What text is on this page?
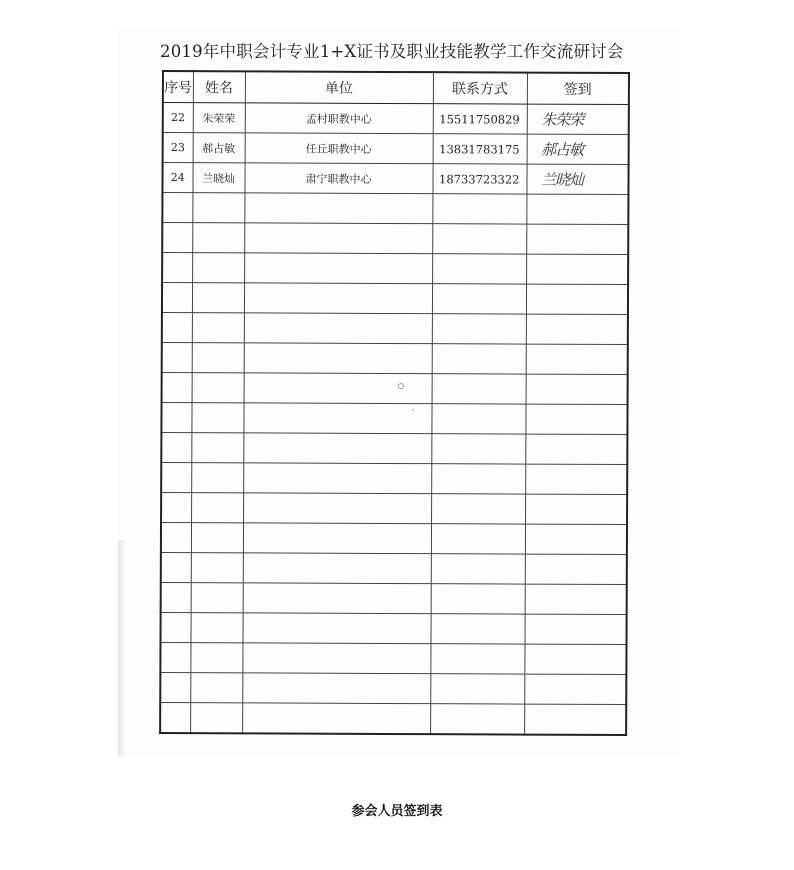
2019年中职会计专业1+X证书及职业技能教学工作交流研讨会
序号	姓名	单位	联系方式	签到
22	朱荣荣	孟村职教中心	15511750829	朱荣荣
23	郝占敏	任丘职教中心	13831783175	郝占敏
24	兰晓灿	肃宁职教中心	18733723322	兰晓灿

参会人员签到表
